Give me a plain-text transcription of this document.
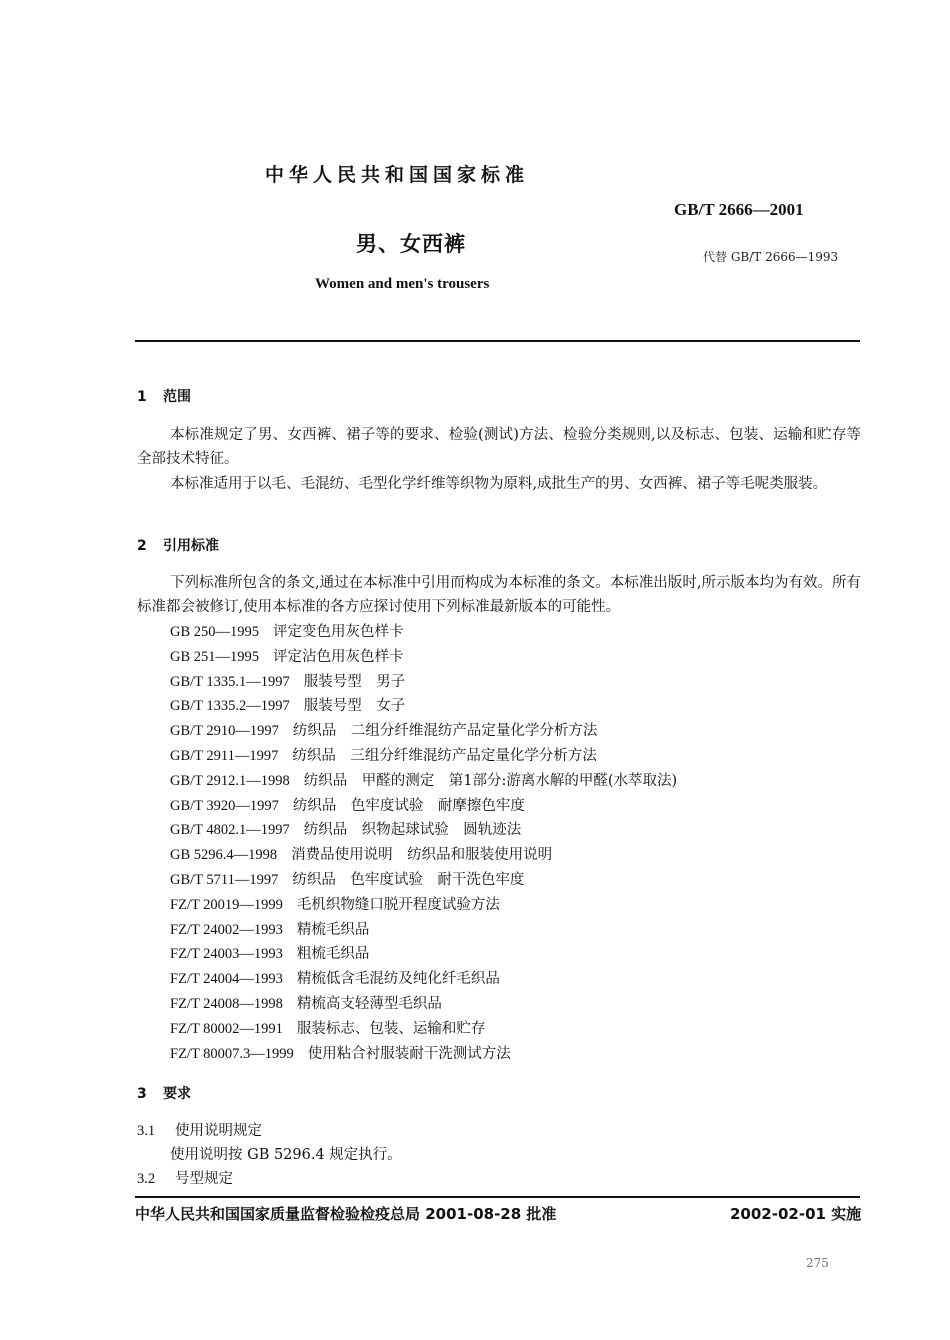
中华人民共和国国家标准
GB/T 2666—2001
男、女西裤
代替 GB/T 2666—1993
Women and men's trousers
1 范围
本标准规定了男、女西裤、裙子等的要求、检验(测试)方法、检验分类规则,以及标志、包装、运输和贮存等全部技术特征。
本标准适用于以毛、毛混纺、毛型化学纤维等织物为原料,成批生产的男、女西裤、裙子等毛呢类服装。
2 引用标准
下列标准所包含的条文,通过在本标准中引用而构成为本标准的条文。本标准出版时,所示版本均为有效。所有标准都会被修订,使用本标准的各方应探讨使用下列标准最新版本的可能性。
GB 250—1995 评定变色用灰色样卡
GB 251—1995 评定沾色用灰色样卡
GB/T 1335.1—1997 服装号型　男子
GB/T 1335.2—1997 服装号型　女子
GB/T 2910—1997 纺织品　二组分纤维混纺产品定量化学分析方法
GB/T 2911—1997 纺织品　三组分纤维混纺产品定量化学分析方法
GB/T 2912.1—1998 纺织品　甲醛的测定　第1部分:游离水解的甲醛(水萃取法)
GB/T 3920—1997 纺织品　色牢度试验　耐摩擦色牢度
GB/T 4802.1—1997 纺织品　织物起球试验　圆轨迹法
GB 5296.4—1998 消费品使用说明　纺织品和服装使用说明
GB/T 5711—1997 纺织品　色牢度试验　耐干洗色牢度
FZ/T 20019—1999 毛机织物缝口脱开程度试验方法
FZ/T 24002—1993 精梳毛织品
FZ/T 24003—1993 粗梳毛织品
FZ/T 24004—1993 精梳低含毛混纺及纯化纤毛织品
FZ/T 24008—1998 精梳高支轻薄型毛织品
FZ/T 80002—1991 服装标志、包装、运输和贮存
FZ/T 80007.3—1999 使用粘合衬服装耐干洗测试方法
3 要求
3.1 使用说明规定
使用说明按 GB 5296.4 规定执行。
3.2 号型规定
中华人民共和国国家质量监督检验检疫总局 2001-08-28 批准	2002-02-01 实施
275
